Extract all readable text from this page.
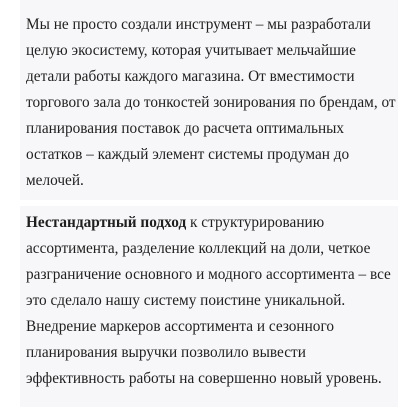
Мы не просто создали инструмент – мы разработали
целую экосистему, которая учитывает мельчайшие
детали работы каждого магазина. От вместимости
торгового зала до тонкостей зонирования по брендам, от
планирования поставок до расчета оптимальных
остатков – каждый элемент системы продуман до
мелочей.
Нестандартный подход к структурированию
ассортимента, разделение коллекций на доли, четкое
разграничение основного и модного ассортимента – все
это сделало нашу систему поистине уникальной.
Внедрение маркеров ассортимента и сезонного
планирования выручки позволило вывести
эффективность работы на совершенно новый уровень.
